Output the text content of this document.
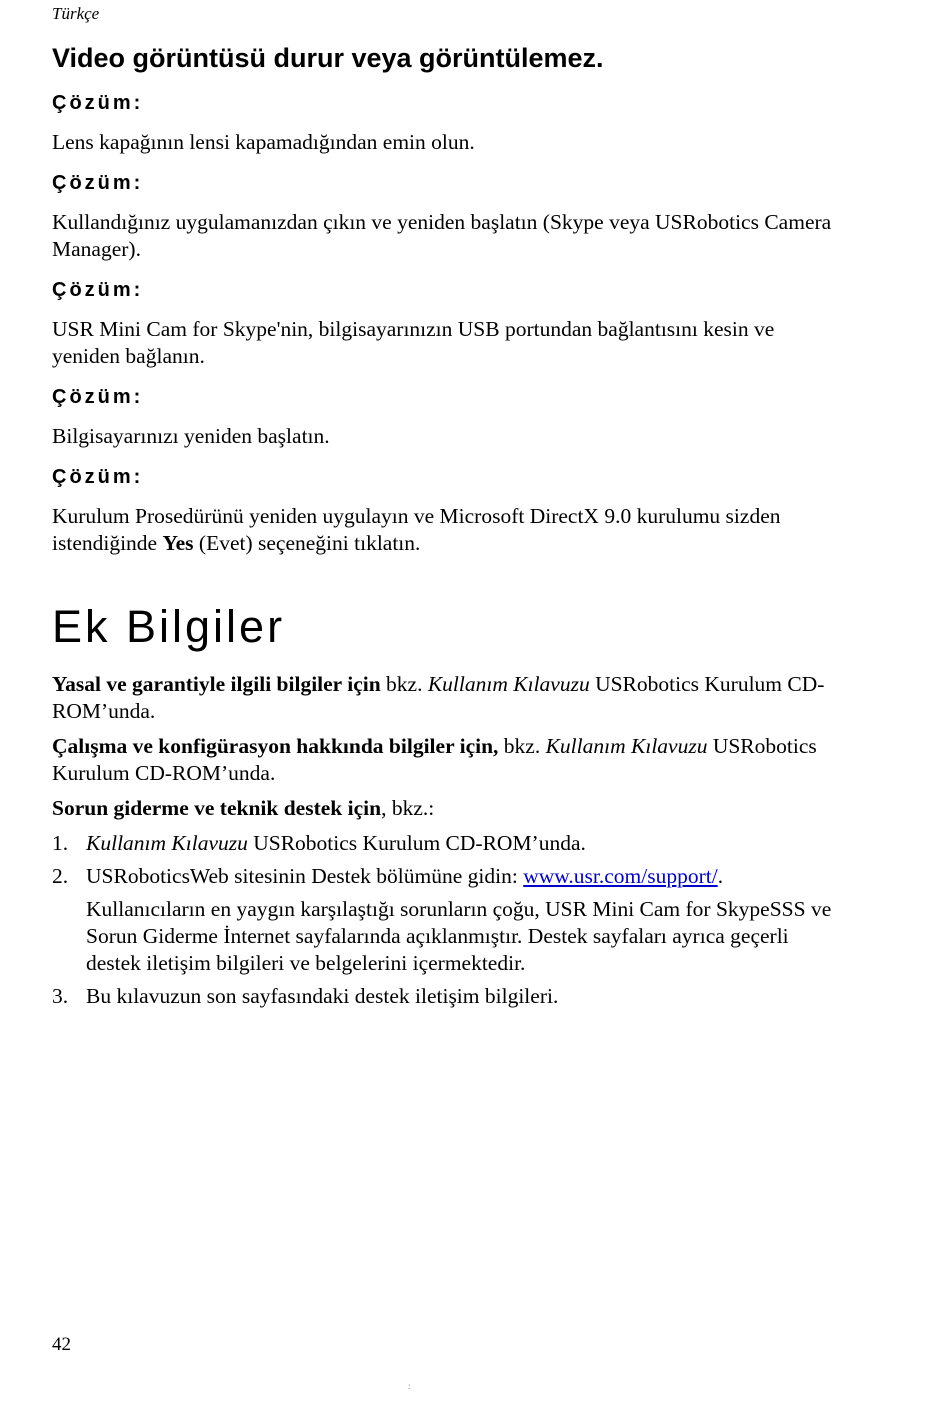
Türkçe
Video görüntüsü durur veya görüntülemez.
Çözüm:

Lens kapağının lensi kapamadığından emin olun.

Çözüm:

Kullandığınız uygulamanızdan çıkın ve yeniden başlatın (Skype veya USRobotics Camera Manager).

Çözüm:

USR Mini Cam for Skype'nin, bilgisayarınızın USB portundan bağlantısını kesin ve yeniden bağlanın.

Çözüm:

Bilgisayarınızı yeniden başlatın.

Çözüm:

Kurulum Prosedürünü yeniden uygulayın ve Microsoft DirectX 9.0 kurulumu sizden istendiğinde Yes (Evet) seçeneğini tıklatın.

Ek Bilgiler

Yasal ve garantiyle ilgili bilgiler için bkz. Kullanım Kılavuzu USRobotics Kurulum CD-ROM’unda.

Çalışma ve konfigürasyon hakkında bilgiler için, bkz. Kullanım Kılavuzu USRobotics Kurulum CD-ROM’unda.

Sorun giderme ve teknik destek için, bkz.:

1. Kullanım Kılavuzu USRobotics Kurulum CD-ROM’unda.
2. USRoboticsWeb sitesinin Destek bölümüne gidin: www.usr.com/support/.
Kullanıcıların en yaygın karşılaştığı sorunların çoğu, USR Mini Cam for SkypeSSS ve Sorun Giderme İnternet sayfalarında açıklanmıştır. Destek sayfaları ayrıca geçerli destek iletişim bilgileri ve belgelerini içermektedir.
3. Bu kılavuzun son sayfasındaki destek iletişim bilgileri.
42
:
